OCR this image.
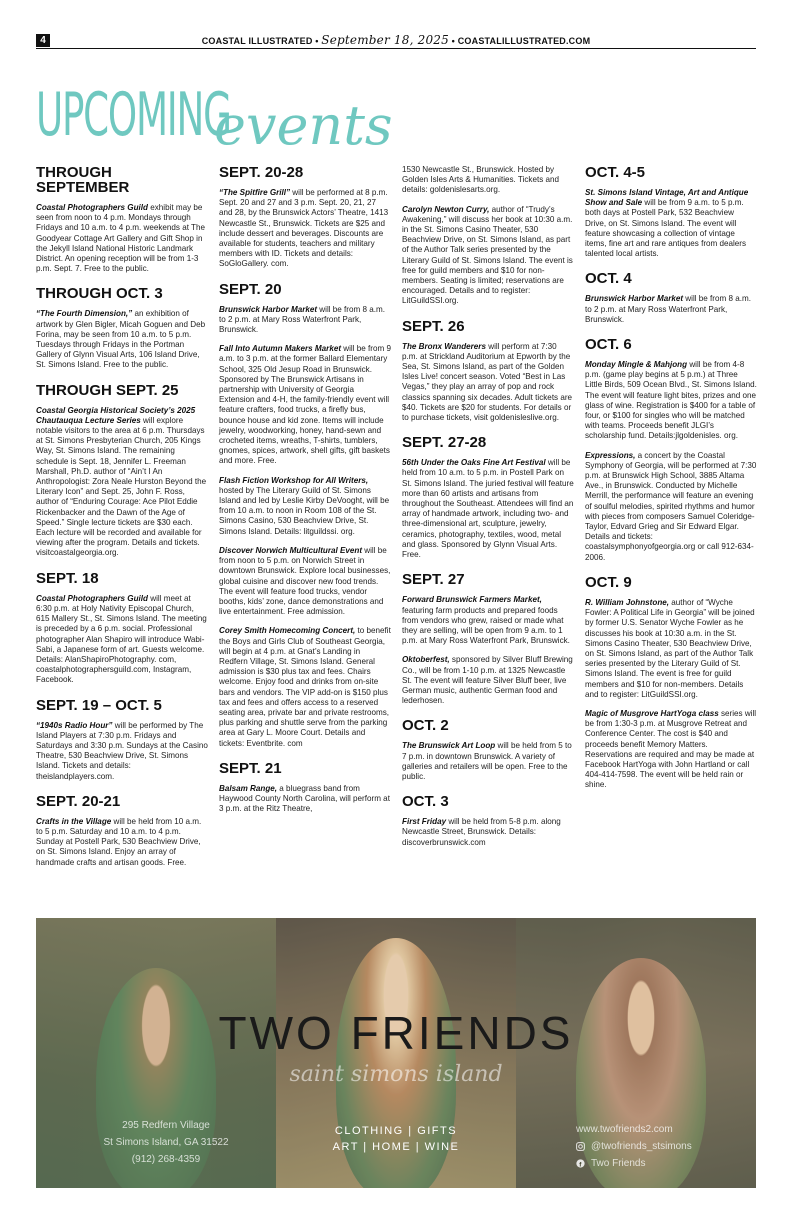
4	COASTAL ILLUSTRATED • September 18, 2025 • COASTALILLUSTRATED.COM
UPCOMING
events
THROUGH SEPTEMBER

Coastal Photographers Guild exhibit may be seen from noon to 4 p.m. Mondays through Fridays and 10 a.m. to 4 p.m. weekends at The Goodyear Cottage Art Gallery and Gift Shop in the Jekyll Island National Historic Landmark District. An opening reception will be from 1-3 p.m. Sept. 7. Free to the public.

THROUGH OCT. 3

“The Fourth Dimension,” an exhibition of artwork by Glen Bigler, Micah Goguen and Deb Forina, may be seen from 10 a.m. to 5 p.m. Tuesdays through Fridays in the Portman Gallery of Glynn Visual Arts, 106 Island Drive, St. Simons Island. Free to the public.

THROUGH SEPT. 25

Coastal Georgia Historical Society’s 2025 Chautauqua Lecture Series will explore notable visitors to the area at 6 p.m. Thursdays at St. Simons Presbyterian Church, 205 Kings Way, St. Simons Island. The remaining schedule is Sept. 18, Jennifer L. Freeman Marshall, Ph.D. author of “Ain’t I An Anthropologist: Zora Neale Hurston Beyond the Literary Icon” and Sept. 25, John F. Ross, author of “Enduring Courage: Ace Pilot Eddie Rickenbacker and the Dawn of the Age of Speed.” Single lecture tickets are $30 each. Each lecture will be recorded and available for viewing after the program. Details and tickets. visitcoastalgeorgia.org.

SEPT. 18

Coastal Photographers Guild will meet at 6:30 p.m. at Holy Nativity Episcopal Church, 615 Mallery St., St. Simons Island. The meeting is preceded by a 6 p.m. social. Professional photographer Alan Shapiro will introduce Wabi-Sabi, a Japanese form of art. Guests welcome. Details: AlanShapiroPhotography. com, coastalphotographersguild.com, Instagram, Facebook.

SEPT. 19 – OCT. 5

“1940s Radio Hour” will be performed by The Island Players at 7:30 p.m. Fridays and Saturdays and 3:30 p.m. Sundays at the Casino Theatre, 530 Beachview Drive, St. Simons Island. Tickets and details: theislandplayers.com.

SEPT. 20-21

Crafts in the Village will be held from 10 a.m. to 5 p.m. Saturday and 10 a.m. to 4 p.m. Sunday at Postell Park, 530 Beachview Drive, on St. Simons Island. Enjoy an array of handmade crafts and artisan goods. Free.

SEPT. 20-28

“The Spitfire Grill” will be performed at 8 p.m. Sept. 20 and 27 and 3 p.m. Sept. 20, 21, 27 and 28, by the Brunswick Actors’ Theatre, 1413 Newcastle St., Brunswick. Tickets are $25 and include dessert and beverages. Discounts are available for students, teachers and military members with ID. Tickets and details: SoGloGallery. com.

SEPT. 20

Brunswick Harbor Market will be from 8 a.m. to 2 p.m. at Mary Ross Waterfront Park, Brunswick.

Fall Into Autumn Makers Market will be from 9 a.m. to 3 p.m. at the former Ballard Elementary School, 325 Old Jesup Road in Brunswick. Sponsored by The Brunswick Artisans in partnership with University of Georgia Extension and 4-H, the family-friendly event will feature crafters, food trucks, a firefly bus, bounce house and kid zone. Items will include jewelry, woodworking, honey, hand-sewn and crocheted items, wreaths, T-shirts, tumblers, gnomes, spices, artwork, shell gifts, gift baskets and more. Free.

Flash Fiction Workshop for All Writers, hosted by The Literary Guild of St. Simons Island and led by Leslie Kirby DeVooght, will be from 10 a.m. to noon in Room 108 of the St. Simons Casino, 530 Beachview Drive, St. Simons Island. Details: litguildssi. org.

Discover Norwich Multicultural Event will be from noon to 5 p.m. on Norwich Street in downtown Brunswick. Explore local businesses, global cuisine and discover new food trends. The event will feature food trucks, vendor booths, kids’ zone, dance demonstrations and live entertainment. Free admission.

Corey Smith Homecoming Concert, to benefit the Boys and Girls Club of Southeast Georgia, will begin at 4 p.m. at Gnat’s Landing in Redfern Village, St. Simons Island. General admission is $30 plus tax and fees. Chairs welcome. Enjoy food and drinks from on-site bars and vendors. The VIP add-on is $150 plus tax and fees and offers access to a reserved seating area, private bar and private restrooms, plus parking and shuttle serve from the parking area at Gary L. Moore Court. Details and tickets: Eventbrite. com

SEPT. 21

Balsam Range, a bluegrass band from Haywood County North Carolina, will perform at 3 p.m. at the Ritz Theatre,

1530 Newcastle St., Brunswick. Hosted by Golden Isles Arts & Humanities. Tickets and details: goldenislesarts.org.

Carolyn Newton Curry, author of “Trudy’s Awakening,” will discuss her book at 10:30 a.m. in the St. Simons Casino Theater, 530 Beachview Drive, on St. Simons Island, as part of the Author Talk series presented by the Literary Guild of St. Simons Island. The event is free for guild members and $10 for non-members. Seating is limited; reservations are encouraged. Details and to register: LitGuildSSI.org.

SEPT. 26

The Bronx Wanderers will perform at 7:30 p.m. at Strickland Auditorium at Epworth by the Sea, St. Simons Island, as part of the Golden Isles Live! concert season. Voted “Best in Las Vegas,” they play an array of pop and rock classics spanning six decades. Adult tickets are $40. Tickets are $20 for students. For details or to purchase tickets, visit goldenisleslive.org.

SEPT. 27-28

56th Under the Oaks Fine Art Festival will be held from 10 a.m. to 5 p.m. in Postell Park on St. Simons Island. The juried festival will feature more than 60 artists and artisans from throughout the Southeast. Attendees will find an array of handmade artwork, including two- and three-dimensional art, sculpture, jewelry, ceramics, photography, textiles, wood, metal and glass. Sponsored by Glynn Visual Arts. Free.

SEPT. 27

Forward Brunswick Farmers Market, featuring farm products and prepared foods from vendors who grew, raised or made what they are selling, will be open from 9 a.m. to 1 p.m. at Mary Ross Waterfront Park, Brunswick.

Oktoberfest, sponsored by Silver Bluff Brewing Co., will be from 1-10 p.m. at 1325 Newcastle St. The event will feature Silver Bluff beer, live German music, authentic German food and lederhosen.

OCT. 2

The Brunswick Art Loop will be held from 5 to 7 p.m. in downtown Brunswick. A variety of galleries and retailers will be open. Free to the public.

OCT. 3

First Friday will be held from 5-8 p.m. along Newcastle Street, Brunswick. Details: discoverbrunswick.com

OCT. 4-5

St. Simons Island Vintage, Art and Antique Show and Sale will be from 9 a.m. to 5 p.m. both days at Postell Park, 532 Beachview Drive, on St. Simons Island. The event will feature showcasing a collection of vintage items, fine art and rare antiques from dealers talented local artists.

OCT. 4

Brunswick Harbor Market will be from 8 a.m. to 2 p.m. at Mary Ross Waterfront Park, Brunswick.

OCT. 6

Monday Mingle & Mahjong will be from 4-8 p.m. (game play begins at 5 p.m.) at Three Little Birds, 509 Ocean Blvd., St. Simons Island. The event will feature light bites, prizes and one glass of wine. Registration is $400 for a table of four, or $100 for singles who will be matched with teams. Proceeds benefit JLGI’s scholarship fund. Details:jlgoldenisles. org.

Expressions, a concert by the Coastal Symphony of Georgia, will be performed at 7:30 p.m. at Brunswick High School, 3885 Altama Ave., in Brunswick. Conducted by Michelle Merrill, the performance will feature an evening of soulful melodies, spirited rhythms and humor with pieces from composers Samuel Coleridge-Taylor, Edvard Grieg and Sir Edward Elgar. Details and tickets: coastalsymphonyofgeorgia.org or call 912-634-2006.

OCT. 9

R. William Johnstone, author of “Wyche Fowler: A Political Life in Georgia” will be joined by former U.S. Senator Wyche Fowler as he discusses his book at 10:30 a.m. in the St. Simons Casino Theater, 530 Beachview Drive, on St. Simons Island, as part of the Author Talk series presented by the Literary Guild of St. Simons Island. The event is free for guild members and $10 for non-members. Details and to register: LitGuildSSI.org.

Magic of Musgrove HartYoga class series will be from 1:30-3 p.m. at Musgrove Retreat and Conference Center. The cost is $40 and proceeds benefit Memory Matters. Reservations are required and may be made at Facebook HartYoga with John Hartland or call 404-414-7598. The event will be held rain or shine.

TWO FRIENDS
saint simons island
295 Redfern Village
St Simons Island, GA 31522
(912) 268-4359
CLOTHING | GIFTS
ART | HOME | WINE
www.twofriends2.com
@twofriends_stsimons
f Two Friends
